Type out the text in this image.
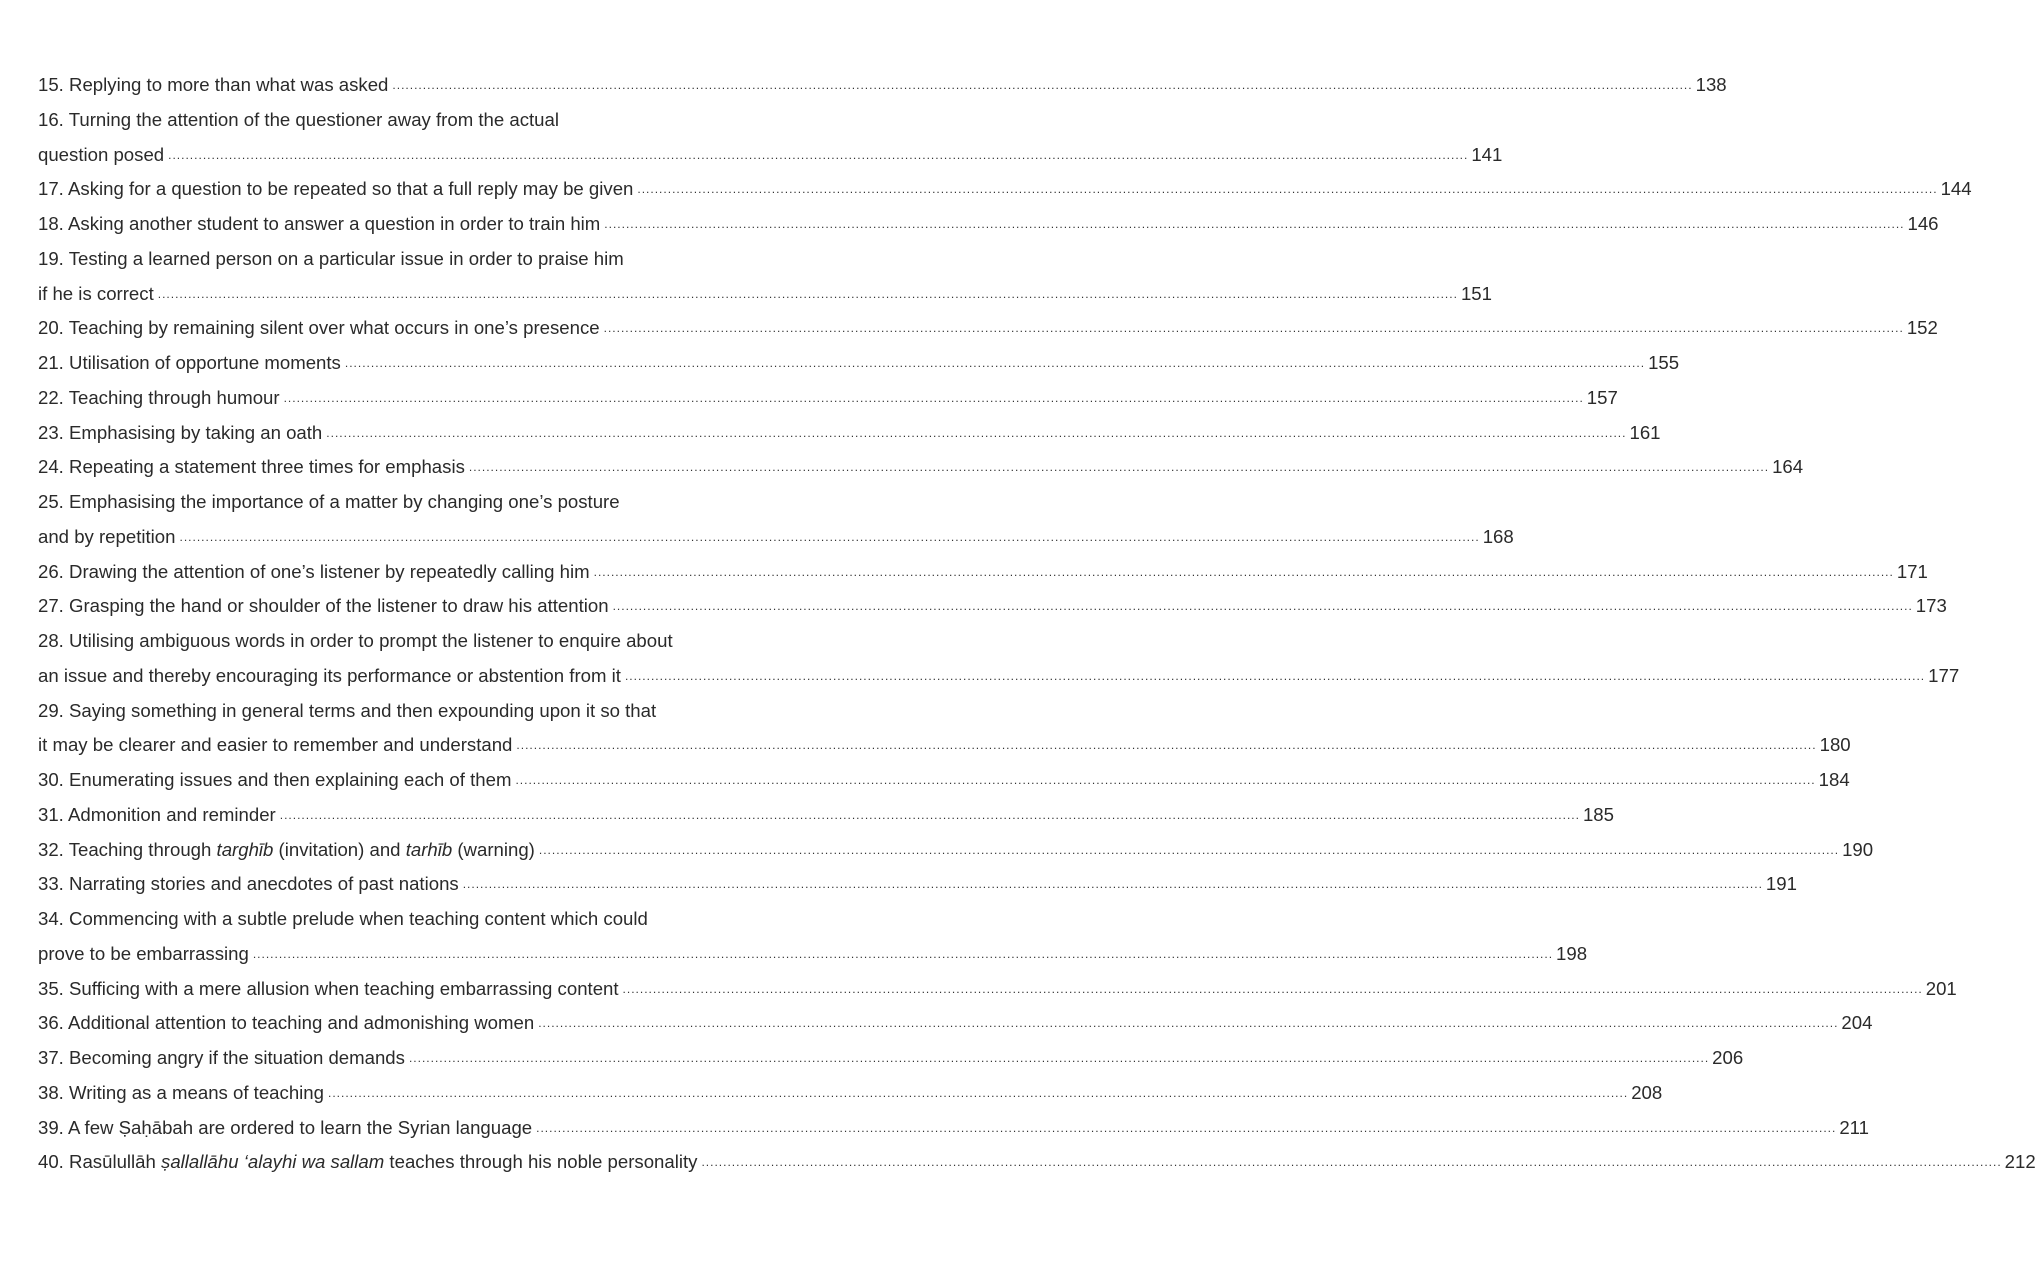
15. Replying to more than what was asked ............................................................................................................................................................................................................................................................................................................ 138
16. Turning the attention of the questioner away from the actual
question posed ............................................................................................................................................................................................................................................................................................................ 141
17. Asking for a question to be repeated so that a full reply may be given ............................................................................................................................................................................................................................................................................................................ 144
18. Asking another student to answer a question in order to train him ............................................................................................................................................................................................................................................................................................................ 146
19. Testing a learned person on a particular issue in order to praise him
if he is correct ............................................................................................................................................................................................................................................................................................................ 151
20. Teaching by remaining silent over what occurs in one’s presence ............................................................................................................................................................................................................................................................................................................ 152
21. Utilisation of opportune moments ............................................................................................................................................................................................................................................................................................................ 155
22. Teaching through humour ............................................................................................................................................................................................................................................................................................................ 157
23. Emphasising by taking an oath ............................................................................................................................................................................................................................................................................................................ 161
24. Repeating a statement three times for emphasis ............................................................................................................................................................................................................................................................................................................ 164
25. Emphasising the importance of a matter by changing one’s posture
and by repetition ............................................................................................................................................................................................................................................................................................................ 168
26. Drawing the attention of one’s listener by repeatedly calling him ............................................................................................................................................................................................................................................................................................................ 171
27. Grasping the hand or shoulder of the listener to draw his attention ............................................................................................................................................................................................................................................................................................................ 173
28. Utilising ambiguous words in order to prompt the listener to enquire about
an issue and thereby encouraging its performance or abstention from it ............................................................................................................................................................................................................................................................................................................ 177
29. Saying something in general terms and then expounding upon it so that
it may be clearer and easier to remember and understand ............................................................................................................................................................................................................................................................................................................ 180
30. Enumerating issues and then explaining each of them ............................................................................................................................................................................................................................................................................................................ 184
31. Admonition and reminder ............................................................................................................................................................................................................................................................................................................ 185
32. Teaching through targhīb (invitation) and tarhīb (warning) ............................................................................................................................................................................................................................................................................................................ 190
33. Narrating stories and anecdotes of past nations ............................................................................................................................................................................................................................................................................................................ 191
34. Commencing with a subtle prelude when teaching content which could
prove to be embarrassing ............................................................................................................................................................................................................................................................................................................ 198
35. Sufficing with a mere allusion when teaching embarrassing content ............................................................................................................................................................................................................................................................................................................ 201
36. Additional attention to teaching and admonishing women ............................................................................................................................................................................................................................................................................................................ 204
37. Becoming angry if the situation demands ............................................................................................................................................................................................................................................................................................................ 206
38. Writing as a means of teaching ............................................................................................................................................................................................................................................................................................................ 208
39. A few Ṣaḥābah are ordered to learn the Syrian language ............................................................................................................................................................................................................................................................................................................ 211
40. Rasūlullāh ṣallallāhu ‘alayhi wa sallam teaches through his noble personality ............................................................................................................................................................................................................................................................................................................ 212
